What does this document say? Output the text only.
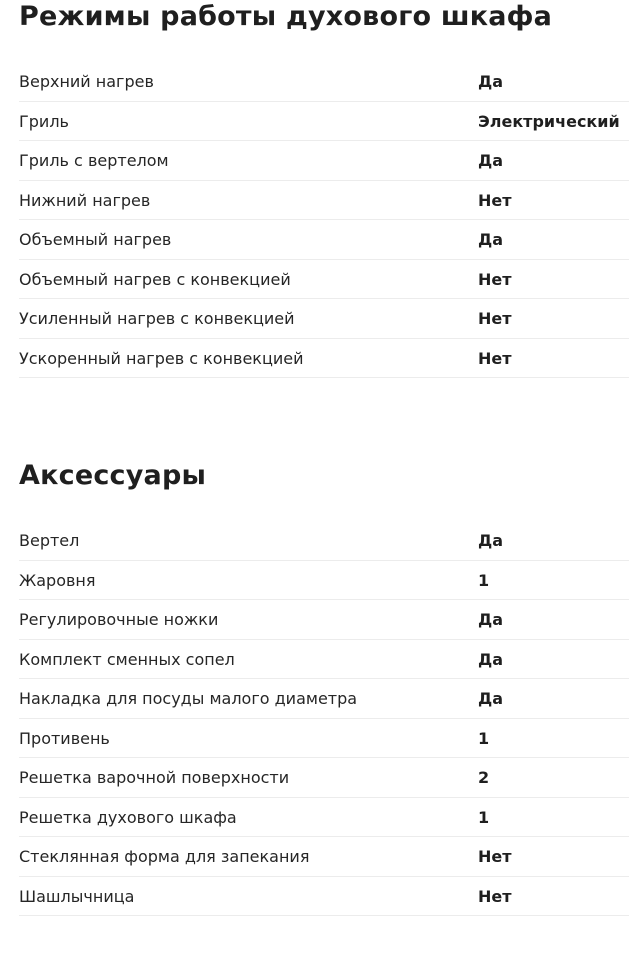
Режимы работы духового шкафа
Верхний нагрев	Да
Гриль	Электрический
Гриль с вертелом	Да
Нижний нагрев	Нет
Объемный нагрев	Да
Объемный нагрев с конвекцией	Нет
Усиленный нагрев с конвекцией	Нет
Ускоренный нагрев с конвекцией	Нет
Аксессуары
Вертел	Да
Жаровня	1
Регулировочные ножки	Да
Комплект сменных сопел	Да
Накладка для посуды малого диаметра	Да
Противень	1
Решетка варочной поверхности	2
Решетка духового шкафа	1
Стеклянная форма для запекания	Нет
Шашлычница	Нет
